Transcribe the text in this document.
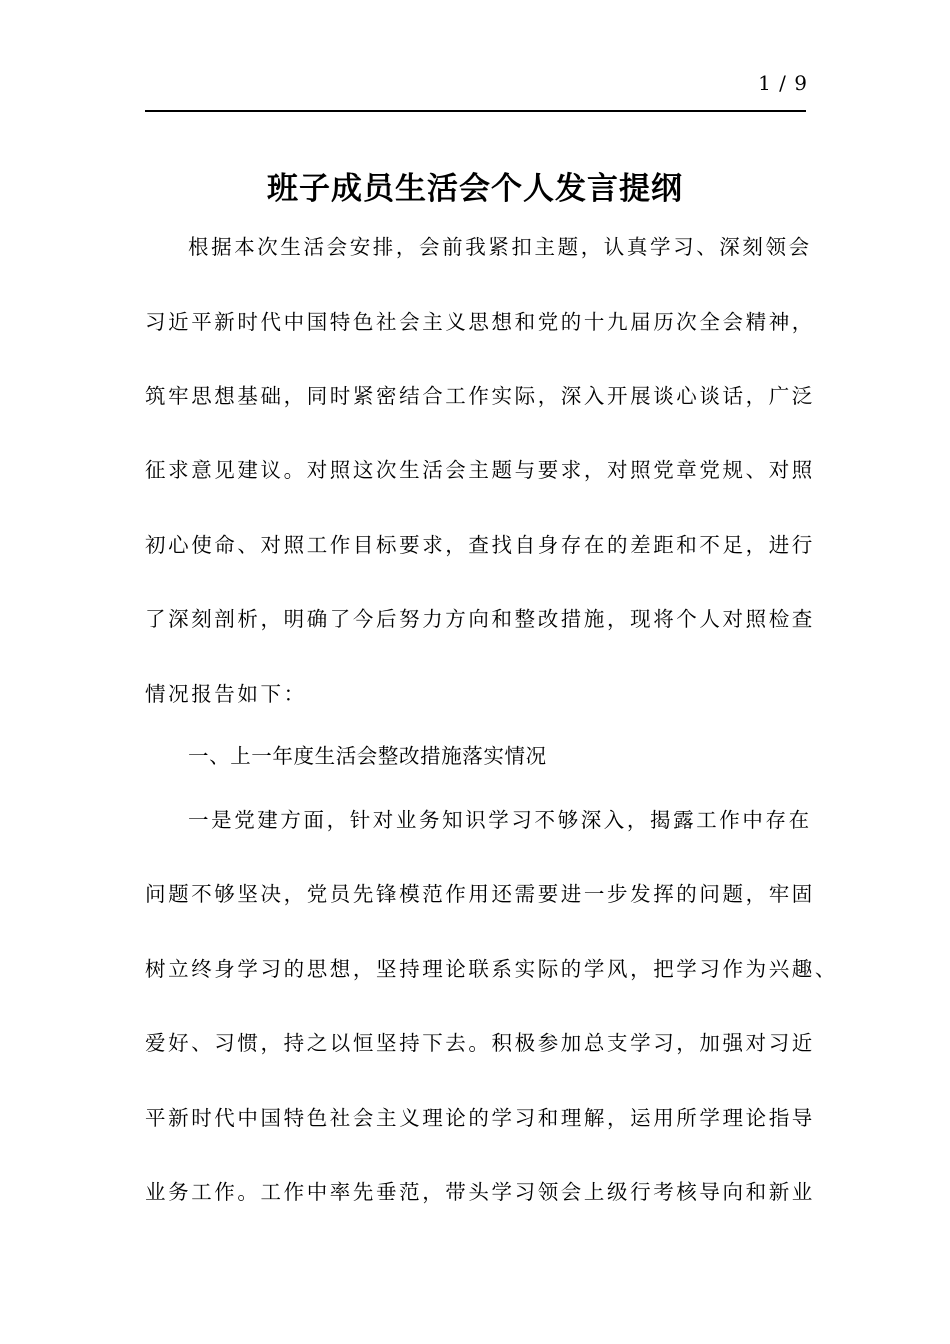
1 / 9
班子成员生活会个人发言提纲
根据本次生活会安排，会前我紧扣主题，认真学习、深刻领会
习近平新时代中国特色社会主义思想和党的十九届历次全会精神，
筑牢思想基础，同时紧密结合工作实际，深入开展谈心谈话，广泛
征求意见建议。对照这次生活会主题与要求，对照党章党规、对照
初心使命、对照工作目标要求，查找自身存在的差距和不足，进行
了深刻剖析，明确了今后努力方向和整改措施，现将个人对照检查
情况报告如下：
一、上一年度生活会整改措施落实情况
一是党建方面，针对业务知识学习不够深入，揭露工作中存在
问题不够坚决，党员先锋模范作用还需要进一步发挥的问题，牢固
树立终身学习的思想，坚持理论联系实际的学风，把学习作为兴趣、
爱好、习惯，持之以恒坚持下去。积极参加总支学习，加强对习近
平新时代中国特色社会主义理论的学习和理解，运用所学理论指导
业务工作。工作中率先垂范，带头学习领会上级行考核导向和新业
